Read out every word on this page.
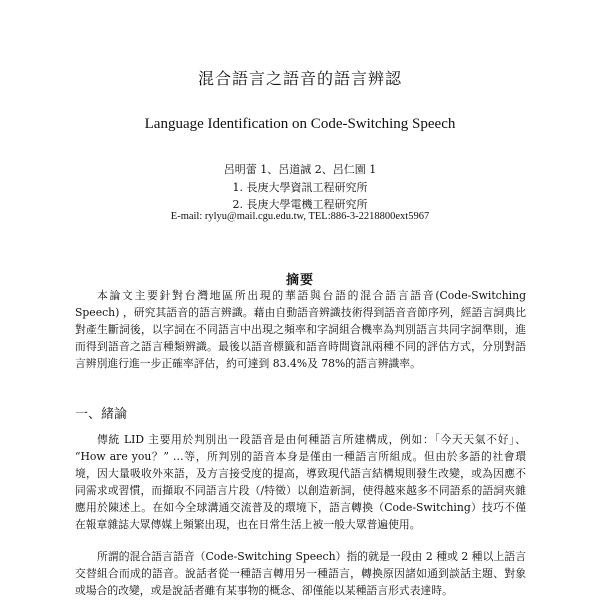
混合語言之語音的語言辨認
Language Identification on Code-Switching Speech
呂明蕾 1、呂道誠 2、呂仁園 1
1. 長庚大學資訊工程研究所
2. 長庚大學電機工程研究所
E-mail: rylyu@mail.cgu.edu.tw, TEL:886-3-2218800ext5967
摘要
本論文主要針對台灣地區所出現的華語與台語的混合語言語音(Code-Switching Speech) ，研究其語音的語言辨識。藉由自動語音辨識技術得到語音音節序列，經語言詞典比對產生斷詞後，以字詞在不同語言中出現之頻率和字詞組合機率為判別語言共同字詞準則，進而得到語音之語言種類辨識。最後以語音標籤和語音時間資訊兩種不同的評估方式，分別對語言辨別進行進一步正確率評估，約可達到 83.4%及 78%的語言辨識率。
一、緒論
傳統 LID 主要用於判別出一段語音是由何種語言所建構成，例如：「今天天氣不好」、 “How are you？” …等，所判別的語音本身是僅由一種語言所組成。但由於多語的社會環境，因大量吸收外來語，及方言接受度的提高，導致現代語言結構規則發生改變，或為因應不同需求或習慣，而擷取不同語言片段（/特徵）以創造新詞，使得越來越多不同語系的語詞夾雜應用於陳述上。在如今全球溝通交流普及的環境下，語言轉換（Code-Switching）技巧不僅在報章雜誌大眾傳媒上頻繁出現，也在日常生活上被一般大眾普遍使用。
所謂的混合語言語音（Code-Switching Speech）指的就是一段由 2 種或 2 種以上語言交替組合而成的語音。說話者從一種語言轉用另一種語言，轉換原因諸如通到談話主題、對象或場合的改變，或是說話者雖有某事物的概念、卻僅能以某種語言形式表達時。
